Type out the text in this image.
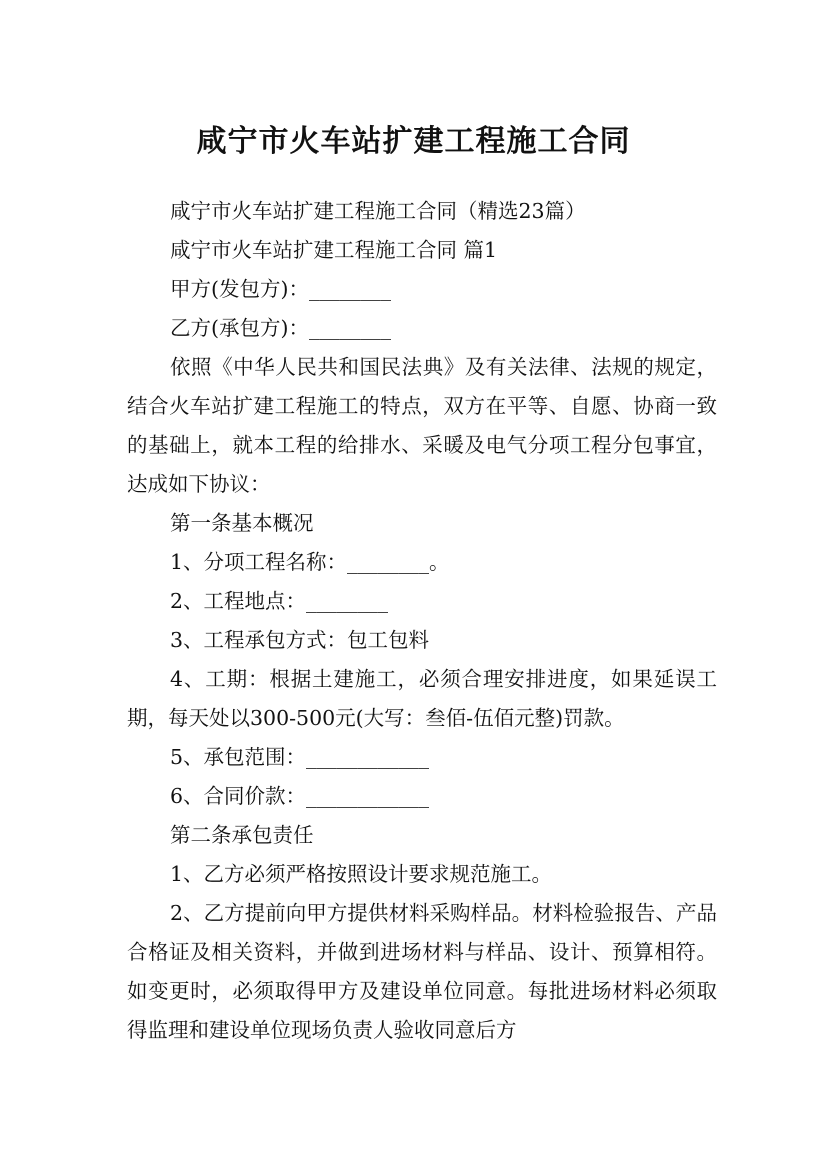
咸宁市火车站扩建工程施工合同

咸宁市火车站扩建工程施工合同（精选23篇）

咸宁市火车站扩建工程施工合同 篇1

甲方(发包方)：________

乙方(承包方)：________

依照《中华人民共和国民法典》及有关法律、法规的规定，结合火车站扩建工程施工的特点，双方在平等、自愿、协商一致的基础上，就本工程的给排水、采暖及电气分项工程分包事宜，达成如下协议：

第一条基本概况

1、分项工程名称：________。

2、工程地点：________

3、工程承包方式：包工包料

4、工期：根据土建施工，必须合理安排进度，如果延误工期，每天处以300-500元(大写：叁佰-伍佰元整)罚款。

5、承包范围：____________

6、合同价款：____________

第二条承包责任

1、乙方必须严格按照设计要求规范施工。

2、乙方提前向甲方提供材料采购样品。材料检验报告、产品合格证及相关资料，并做到进场材料与样品、设计、预算相符。如变更时，必须取得甲方及建设单位同意。每批进场材料必须取得监理和建设单位现场负责人验收同意后方
